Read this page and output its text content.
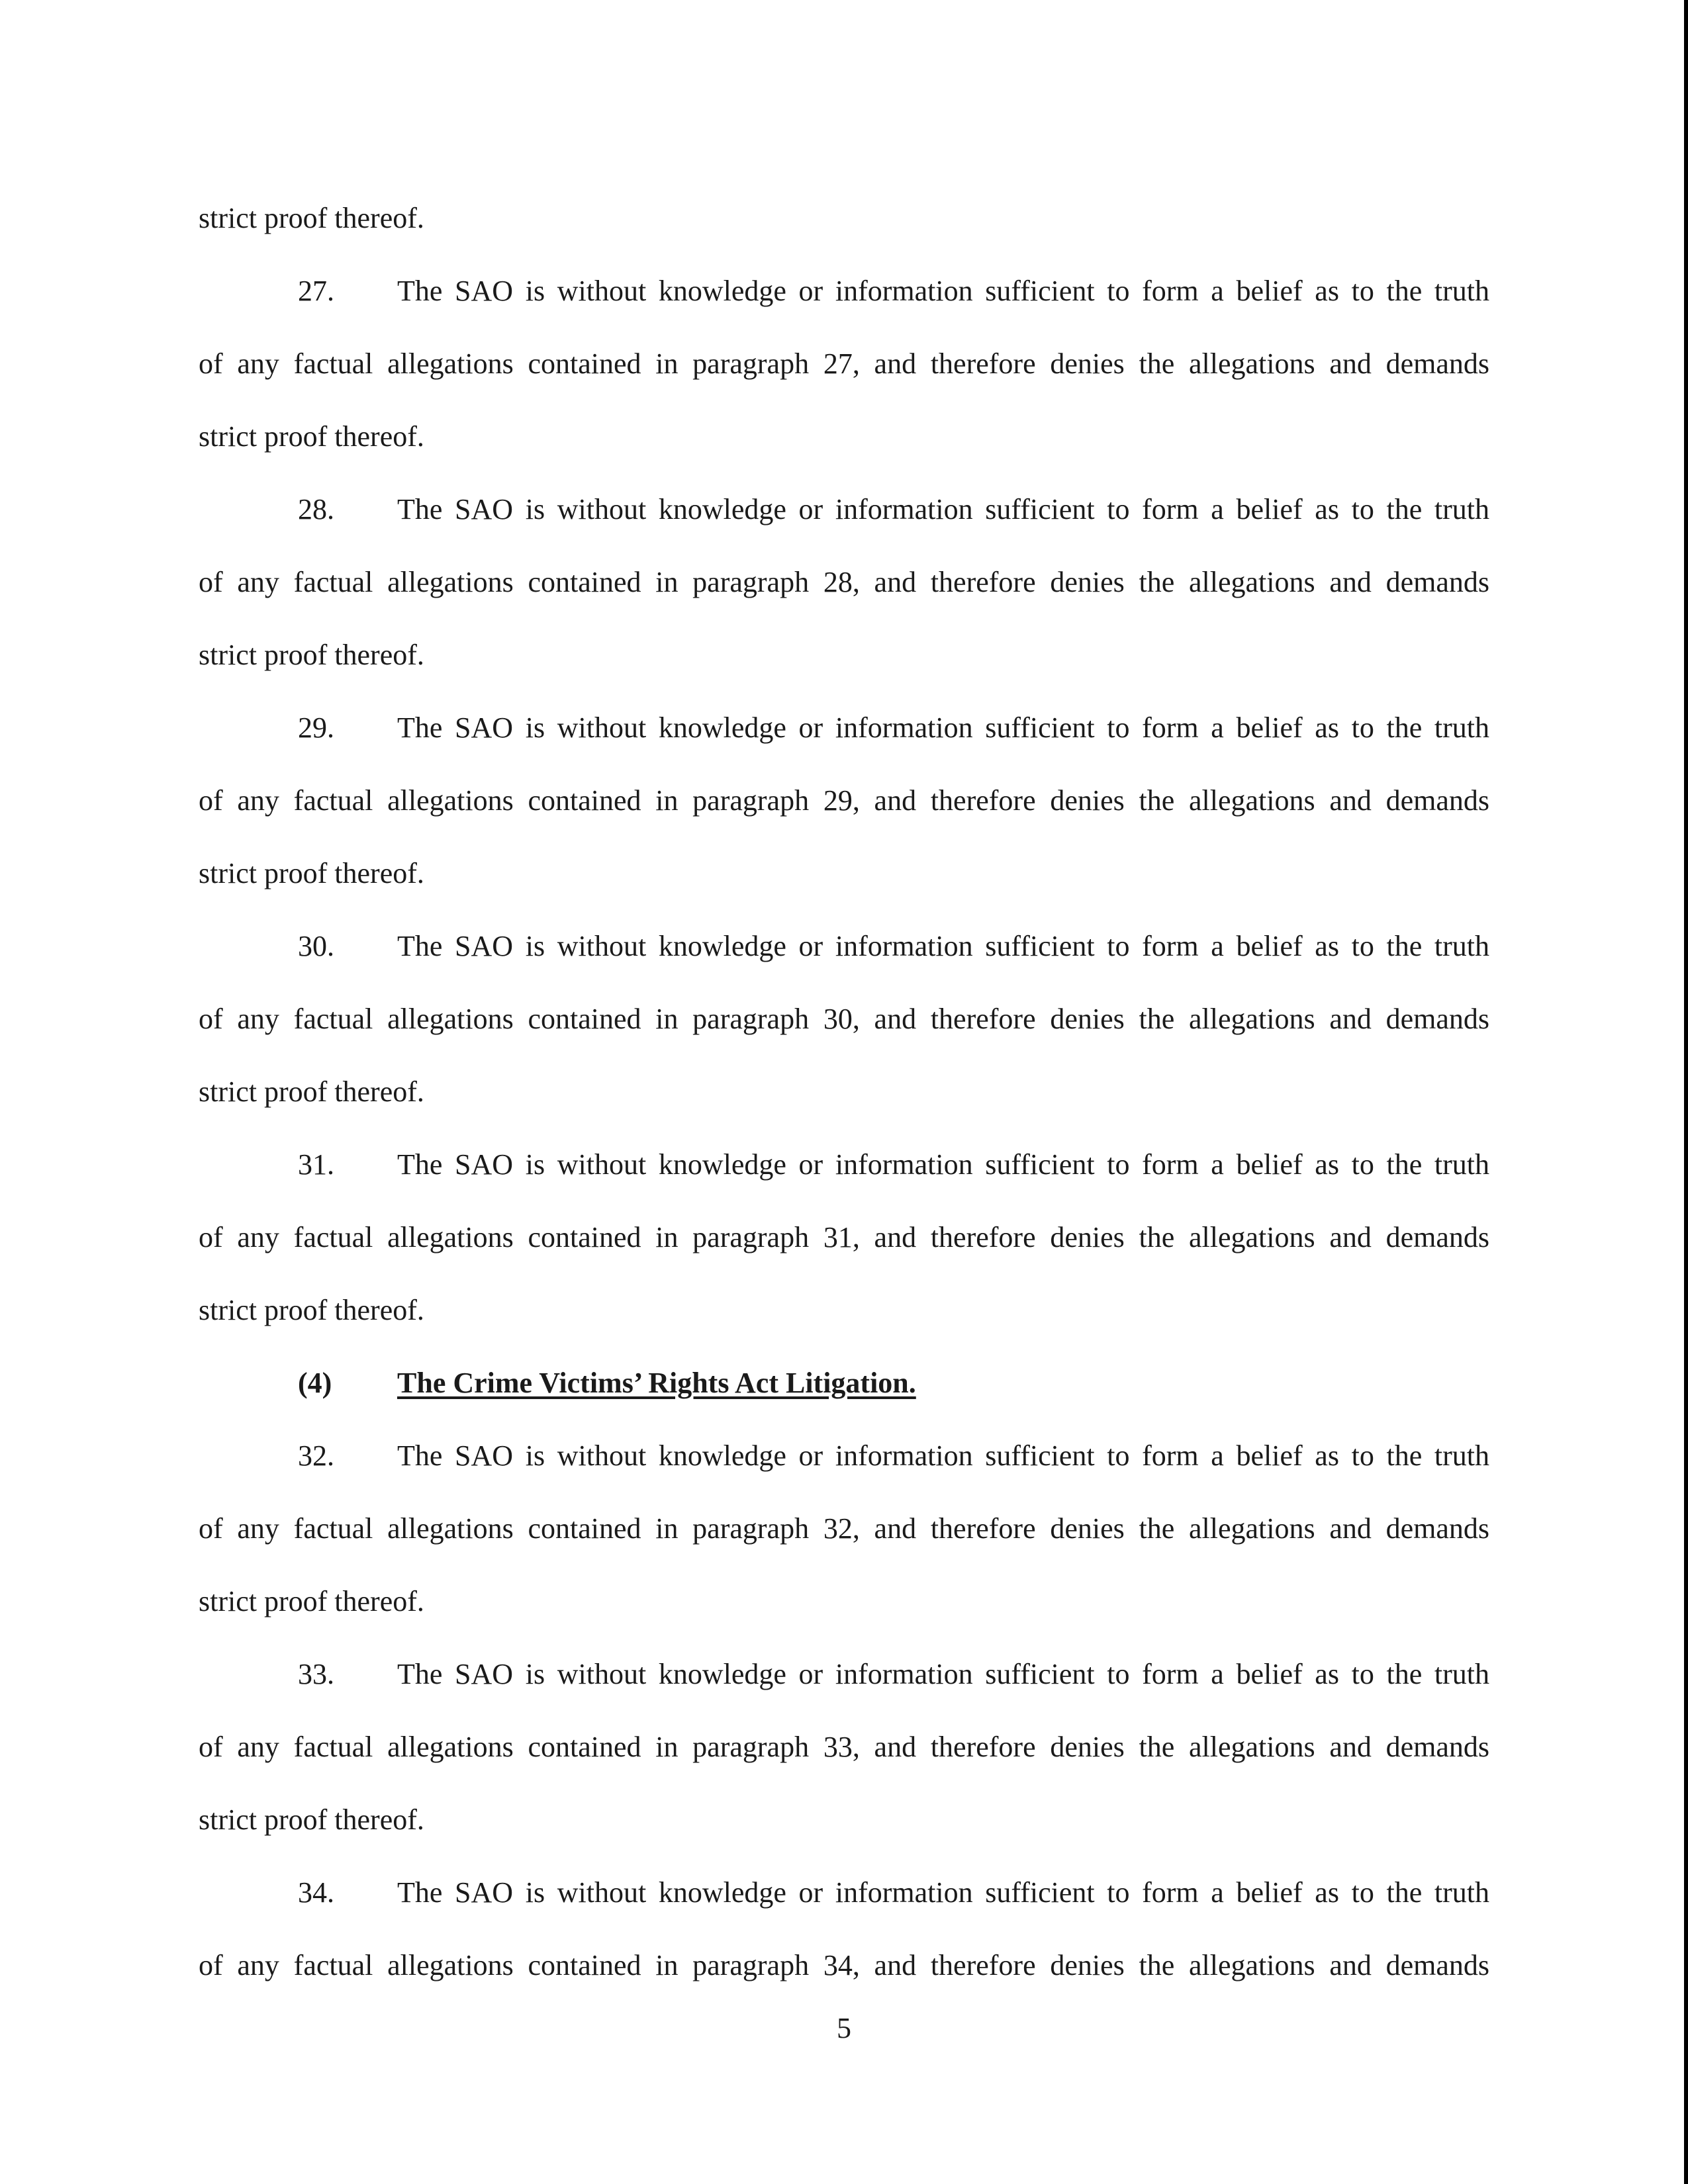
strict proof thereof.
27. The SAO is without knowledge or information sufficient to form a belief as to the truth
of any factual allegations contained in paragraph 27, and therefore denies the allegations and demands
strict proof thereof.
28. The SAO is without knowledge or information sufficient to form a belief as to the truth
of any factual allegations contained in paragraph 28, and therefore denies the allegations and demands
strict proof thereof.
29. The SAO is without knowledge or information sufficient to form a belief as to the truth
of any factual allegations contained in paragraph 29, and therefore denies the allegations and demands
strict proof thereof.
30. The SAO is without knowledge or information sufficient to form a belief as to the truth
of any factual allegations contained in paragraph 30, and therefore denies the allegations and demands
strict proof thereof.
31. The SAO is without knowledge or information sufficient to form a belief as to the truth
of any factual allegations contained in paragraph 31, and therefore denies the allegations and demands
strict proof thereof.
(4) The Crime Victims’ Rights Act Litigation.
32. The SAO is without knowledge or information sufficient to form a belief as to the truth
of any factual allegations contained in paragraph 32, and therefore denies the allegations and demands
strict proof thereof.
33. The SAO is without knowledge or information sufficient to form a belief as to the truth
of any factual allegations contained in paragraph 33, and therefore denies the allegations and demands
strict proof thereof.
34. The SAO is without knowledge or information sufficient to form a belief as to the truth
of any factual allegations contained in paragraph 34, and therefore denies the allegations and demands
5
